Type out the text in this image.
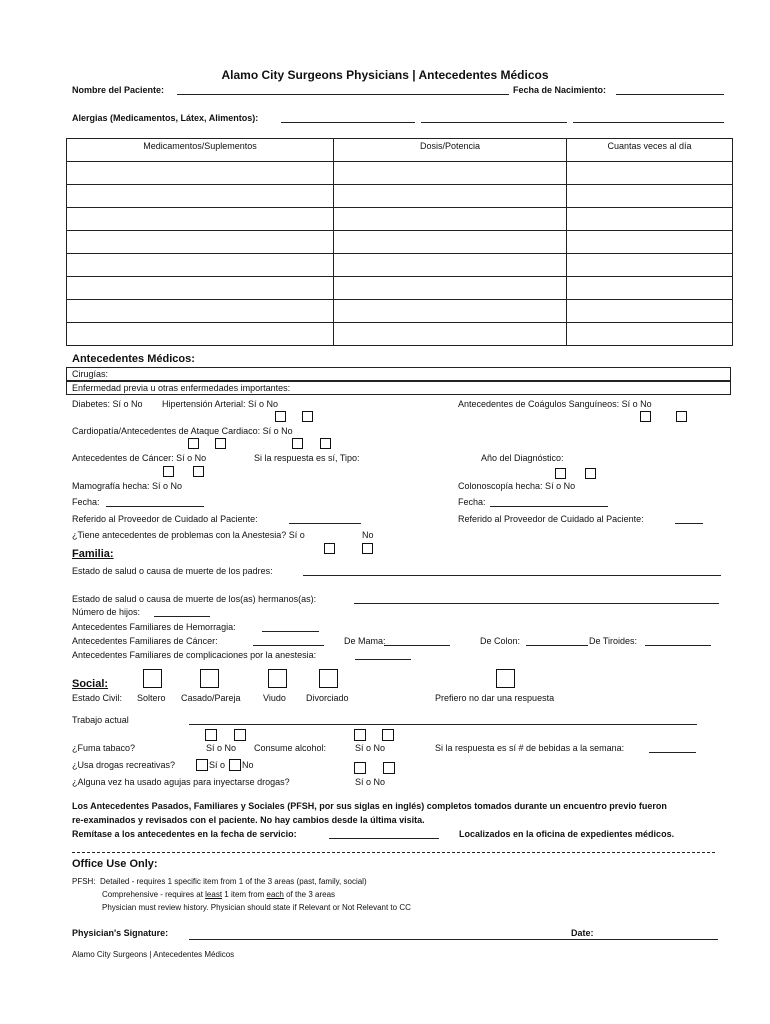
Alamo City Surgeons Physicians | Antecedentes Médicos
Nombre del Paciente:	Fecha de Nacimiento:
Alergias (Medicamentos, Látex, Alimentos):
Medicamentos/Suplementos	Dosis/Potencia	Cuantas veces al día

Antecedentes Médicos:
Cirugías:
Enfermedad previa u otras enfermedades importantes:
Diabetes: Sí o No Hipertensión Arterial: Sí o No	Antecedentes de Coágulos Sanguíneos: Sí o No
Cardiopatía/Antecedentes de Ataque Cardiaco: Sí o No
Antecedentes de Cáncer: Sí o No	Si la respuesta es sí, Tipo:	Año del Diagnóstico:
Mamografía hecha: Sí o No	Colonoscopía hecha: Sí o No
Fecha:	Fecha:
Referido al Proveedor de Cuidado al Paciente:	Referido al Proveedor de Cuidado al Paciente:
¿Tiene antecedentes de problemas con la Anestesia? Sí o	No
Familia:
Estado de salud o causa de muerte de los padres:
Estado de salud o causa de muerte de los(as) hermanos(as):
Número de hijos:
Antecedentes Familiares de Hemorragia:
Antecedentes Familiares de Cáncer:	De Mama:	De Colon:	De Tiroides:
Antecedentes Familiares de complicaciones por la anestesia:
Social:
Estado Civil: Soltero Casado/Pareja Viudo Divorciado	Prefiero no dar una respuesta
Trabajo actual
¿Fuma tabaco?	Sí o No Consume alcohol:	Sí o No	Si la respuesta es sí # de bebidas a la semana:
¿Usa drogas recreativas?	Sí o No
¿Alguna vez ha usado agujas para inyectarse drogas?	Sí o No
Los Antecedentes Pasados, Familiares y Sociales (PFSH, por sus siglas en inglés) completos tomados durante un encuentro previo fueron
re-examinados y revisados con el paciente. No hay cambios desde la última visita.
Remítase a los antecedentes en la fecha de servicio:	Localizados en la oficina de expedientes médicos.
Office Use Only:
PFSH: Detailed - requires 1 specific item from 1 of the 3 areas (past, family, social)
Comprehensive - requires at least 1 item from each of the 3 areas
Physician must review history. Physician should state if Relevant or Not Relevant to CC
Physician's Signature:	Date:
Alamo City Surgeons | Antecedentes Médicos
